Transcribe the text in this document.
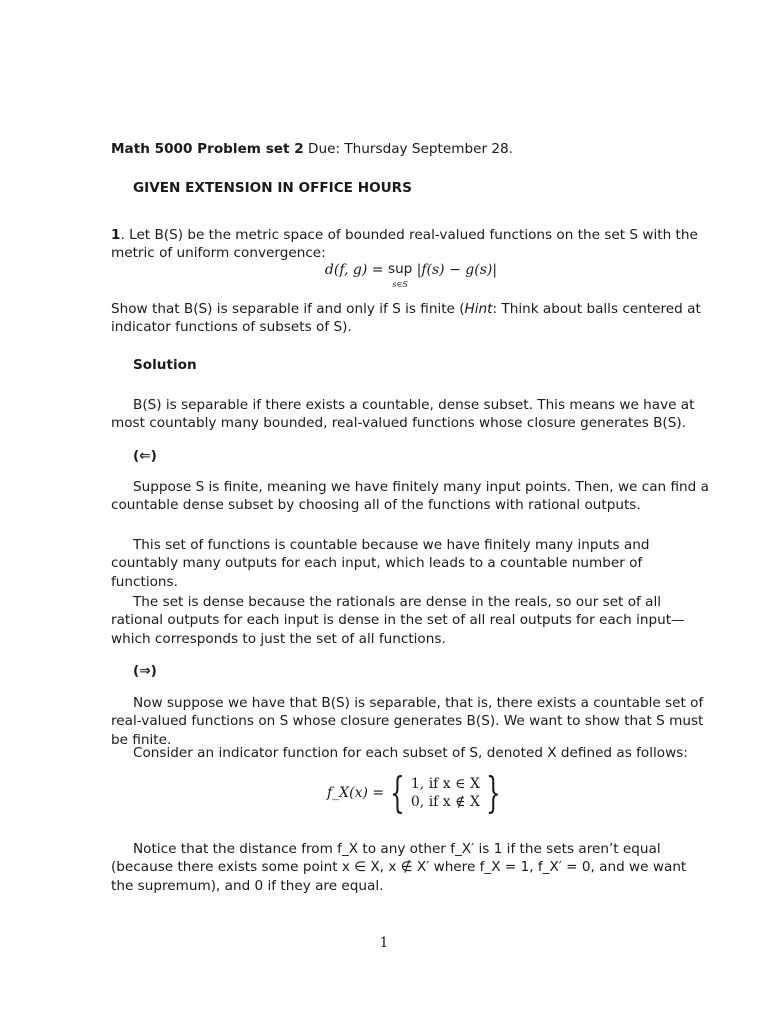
Math 5000 Problem set 2 Due: Thursday September 28.
GIVEN EXTENSION IN OFFICE HOURS
1. Let B(S) be the metric space of bounded real-valued functions on the set S with the metric of uniform convergence:
d(f, g) = sup
s∈S |f(s) − g(s)|
Show that B(S) is separable if and only if S is finite (Hint: Think about balls centered at indicator functions of subsets of S).
Solution
B(S) is separable if there exists a countable, dense subset. This means we have at most countably many bounded, real-valued functions whose closure generates B(S).
(⇐)
Suppose S is finite, meaning we have finitely many input points. Then, we can find a countable dense subset by choosing all of the functions with rational outputs.
This set of functions is countable because we have finitely many inputs and countably many outputs for each input, which leads to a countable number of functions.
The set is dense because the rationals are dense in the reals, so our set of all rational outputs for each input is dense in the set of all real outputs for each input— which corresponds to just the set of all functions.
(⇒)
Now suppose we have that B(S) is separable, that is, there exists a countable set of real-valued functions on S whose closure generates B(S). We want to show that S must be finite.
Consider an indicator function for each subset of S, denoted X defined as follows:
f_X(x) = { 1, if x ∈ X
0, if x ∉ X }
Notice that the distance from f_X to any other f_X′ is 1 if the sets aren’t equal (because there exists some point x ∈ X, x ∉ X′ where f_X = 1, f_X′ = 0, and we want the supremum), and 0 if they are equal.
1
